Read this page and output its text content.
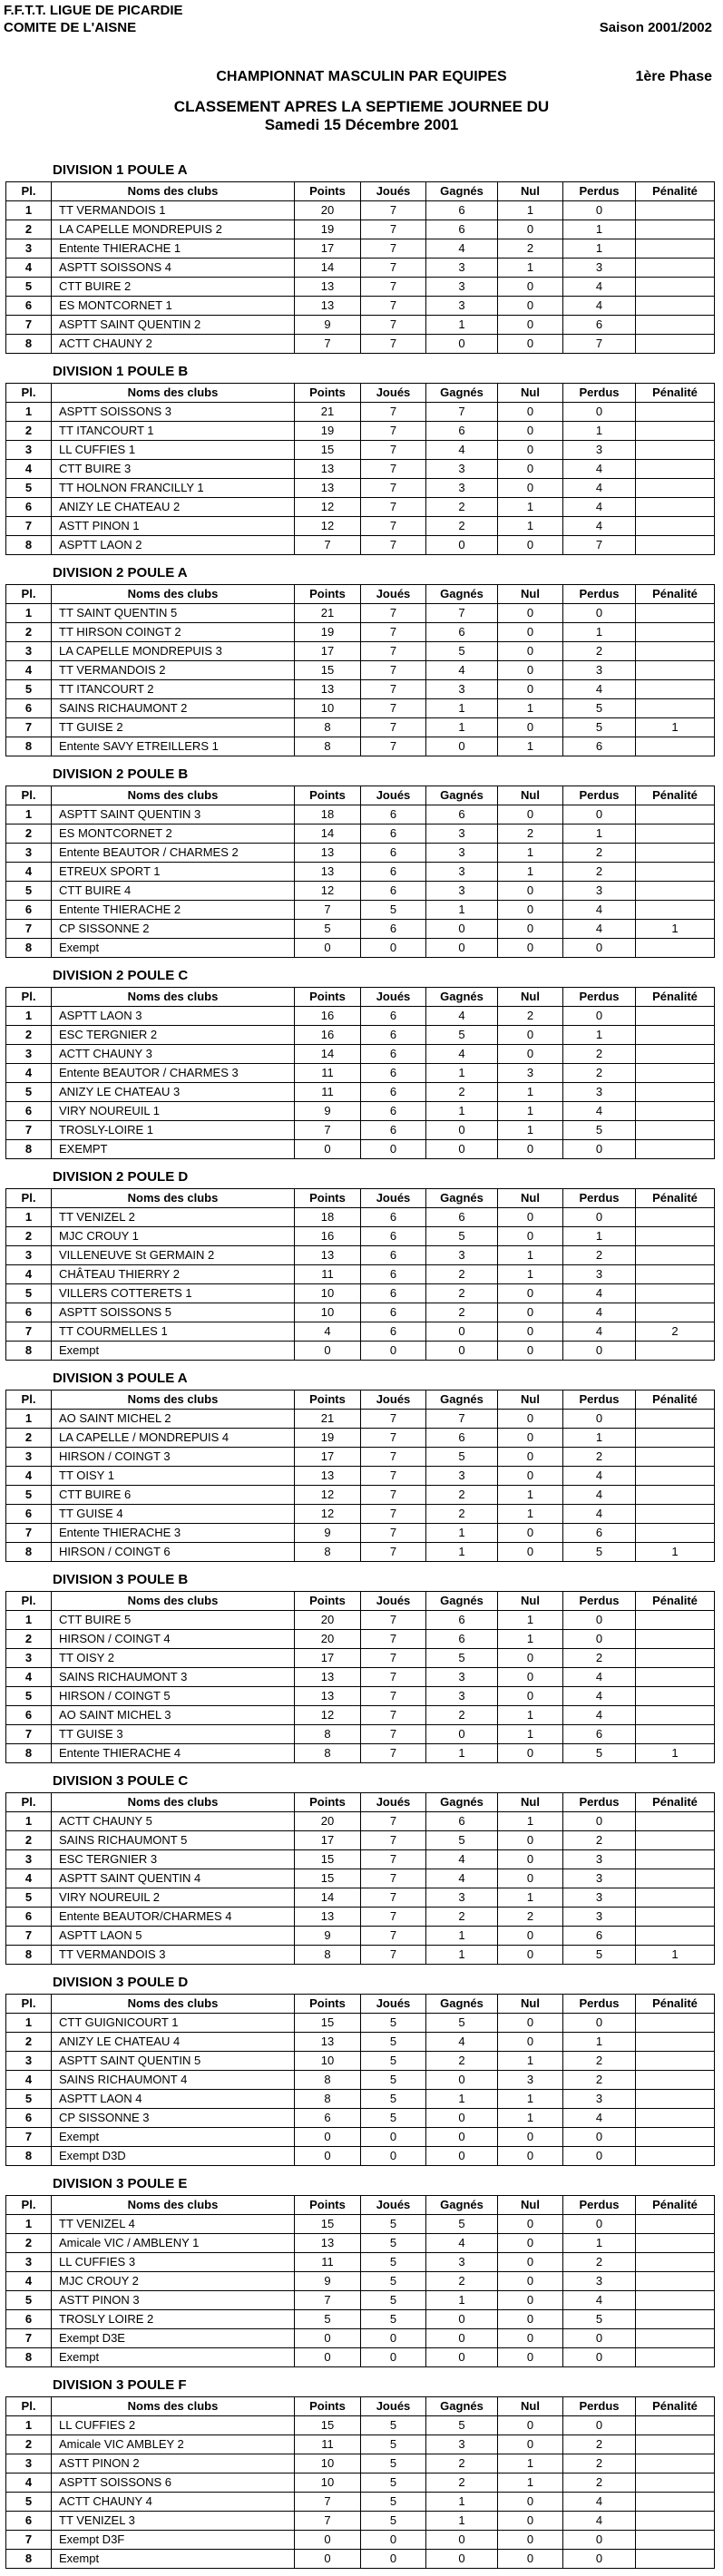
F.F.T.T. LIGUE DE PICARDIE
COMITE DE L'AISNE	Saison 2001/2002
CHAMPIONNAT MASCULIN PAR EQUIPES	1ère Phase
CLASSEMENT APRES LA SEPTIEME JOURNEE DU
Samedi 15 Décembre 2001
DIVISION 1 POULE A
Pl.	Noms des clubs	Points	Joués	Gagnés	Nul	Perdus	Pénalité
1	TT VERMANDOIS 1	20	7	6	1	0	
2	LA CAPELLE MONDREPUIS 2	19	7	6	0	1	
3	Entente THIERACHE 1	17	7	4	2	1	
4	ASPTT SOISSONS 4	14	7	3	1	3	
5	CTT BUIRE 2	13	7	3	0	4	
6	ES MONTCORNET 1	13	7	3	0	4	
7	ASPTT SAINT QUENTIN 2	9	7	1	0	6	
8	ACTT CHAUNY 2	7	7	0	0	7	
DIVISION 1 POULE B
Pl.	Noms des clubs	Points	Joués	Gagnés	Nul	Perdus	Pénalité
1	ASPTT SOISSONS 3	21	7	7	0	0	
2	TT ITANCOURT 1	19	7	6	0	1	
3	LL CUFFIES 1	15	7	4	0	3	
4	CTT BUIRE 3	13	7	3	0	4	
5	TT HOLNON FRANCILLY 1	13	7	3	0	4	
6	ANIZY LE CHATEAU 2	12	7	2	1	4	
7	ASTT PINON 1	12	7	2	1	4	
8	ASPTT LAON 2	7	7	0	0	7	
DIVISION 2 POULE A
Pl.	Noms des clubs	Points	Joués	Gagnés	Nul	Perdus	Pénalité
1	TT SAINT QUENTIN 5	21	7	7	0	0	
2	TT HIRSON COINGT 2	19	7	6	0	1	
3	LA CAPELLE MONDREPUIS 3	17	7	5	0	2	
4	TT VERMANDOIS 2	15	7	4	0	3	
5	TT ITANCOURT 2	13	7	3	0	4	
6	SAINS RICHAUMONT 2	10	7	1	1	5	
7	TT GUISE 2	8	7	1	0	5	1
8	Entente SAVY ETREILLERS 1	8	7	0	1	6	
DIVISION 2 POULE B
Pl.	Noms des clubs	Points	Joués	Gagnés	Nul	Perdus	Pénalité
1	ASPTT SAINT QUENTIN 3	18	6	6	0	0	
2	ES MONTCORNET 2	14	6	3	2	1	
3	Entente BEAUTOR / CHARMES 2	13	6	3	1	2	
4	ETREUX SPORT 1	13	6	3	1	2	
5	CTT BUIRE 4	12	6	3	0	3	
6	Entente THIERACHE 2	7	5	1	0	4	
7	CP SISSONNE 2	5	6	0	0	4	1
8	Exempt	0	0	0	0	0	
DIVISION 2 POULE C
Pl.	Noms des clubs	Points	Joués	Gagnés	Nul	Perdus	Pénalité
1	ASPTT LAON 3	16	6	4	2	0	
2	ESC TERGNIER 2	16	6	5	0	1	
3	ACTT CHAUNY 3	14	6	4	0	2	
4	Entente BEAUTOR / CHARMES 3	11	6	1	3	2	
5	ANIZY LE CHATEAU 3	11	6	2	1	3	
6	VIRY NOUREUIL 1	9	6	1	1	4	
7	TROSLY-LOIRE 1	7	6	0	1	5	
8	EXEMPT	0	0	0	0	0	
DIVISION 2 POULE D
Pl.	Noms des clubs	Points	Joués	Gagnés	Nul	Perdus	Pénalité
1	TT VENIZEL 2	18	6	6	0	0	
2	MJC CROUY 1	16	6	5	0	1	
3	VILLENEUVE St GERMAIN 2	13	6	3	1	2	
4	CHÂTEAU THIERRY 2	11	6	2	1	3	
5	VILLERS COTTERETS 1	10	6	2	0	4	
6	ASPTT SOISSONS 5	10	6	2	0	4	
7	TT COURMELLES 1	4	6	0	0	4	2
8	Exempt	0	0	0	0	0	
DIVISION 3 POULE A
Pl.	Noms des clubs	Points	Joués	Gagnés	Nul	Perdus	Pénalité
1	AO SAINT MICHEL 2	21	7	7	0	0	
2	LA CAPELLE / MONDREPUIS 4	19	7	6	0	1	
3	HIRSON / COINGT 3	17	7	5	0	2	
4	TT OISY 1	13	7	3	0	4	
5	CTT BUIRE 6	12	7	2	1	4	
6	TT GUISE 4	12	7	2	1	4	
7	Entente THIERACHE 3	9	7	1	0	6	
8	HIRSON / COINGT 6	8	7	1	0	5	1
DIVISION 3 POULE B
Pl.	Noms des clubs	Points	Joués	Gagnés	Nul	Perdus	Pénalité
1	CTT BUIRE 5	20	7	6	1	0	
2	HIRSON / COINGT 4	20	7	6	1	0	
3	TT OISY 2	17	7	5	0	2	
4	SAINS RICHAUMONT 3	13	7	3	0	4	
5	HIRSON / COINGT 5	13	7	3	0	4	
6	AO SAINT MICHEL 3	12	7	2	1	4	
7	TT GUISE 3	8	7	0	1	6	
8	Entente THIERACHE 4	8	7	1	0	5	1
DIVISION 3 POULE C
Pl.	Noms des clubs	Points	Joués	Gagnés	Nul	Perdus	Pénalité
1	ACTT CHAUNY 5	20	7	6	1	0	
2	SAINS RICHAUMONT 5	17	7	5	0	2	
3	ESC TERGNIER 3	15	7	4	0	3	
4	ASPTT SAINT QUENTIN 4	15	7	4	0	3	
5	VIRY NOUREUIL 2	14	7	3	1	3	
6	Entente BEAUTOR/CHARMES 4	13	7	2	2	3	
7	ASPTT LAON 5	9	7	1	0	6	
8	TT VERMANDOIS 3	8	7	1	0	5	1
DIVISION 3 POULE D
Pl.	Noms des clubs	Points	Joués	Gagnés	Nul	Perdus	Pénalité
1	CTT GUIGNICOURT 1	15	5	5	0	0	
2	ANIZY LE CHATEAU 4	13	5	4	0	1	
3	ASPTT SAINT QUENTIN 5	10	5	2	1	2	
4	SAINS RICHAUMONT 4	8	5	0	3	2	
5	ASPTT LAON 4	8	5	1	1	3	
6	CP SISSONNE 3	6	5	0	1	4	
7	Exempt	0	0	0	0	0	
8	Exempt D3D	0	0	0	0	0	
DIVISION 3 POULE E
Pl.	Noms des clubs	Points	Joués	Gagnés	Nul	Perdus	Pénalité
1	TT VENIZEL 4	15	5	5	0	0	
2	Amicale VIC / AMBLENY 1	13	5	4	0	1	
3	LL CUFFIES 3	11	5	3	0	2	
4	MJC CROUY 2	9	5	2	0	3	
5	ASTT PINON 3	7	5	1	0	4	
6	TROSLY LOIRE 2	5	5	0	0	5	
7	Exempt D3E	0	0	0	0	0	
8	Exempt	0	0	0	0	0	
DIVISION 3 POULE F
Pl.	Noms des clubs	Points	Joués	Gagnés	Nul	Perdus	Pénalité
1	LL CUFFIES 2	15	5	5	0	0	
2	Amicale VIC AMBLEY 2	11	5	3	0	2	
3	ASTT PINON 2	10	5	2	1	2	
4	ASPTT SOISSONS 6	10	5	2	1	2	
5	ACTT CHAUNY 4	7	5	1	0	4	
6	TT VENIZEL 3	7	5	1	0	4	
7	Exempt D3F	0	0	0	0	0	
8	Exempt	0	0	0	0	0	
